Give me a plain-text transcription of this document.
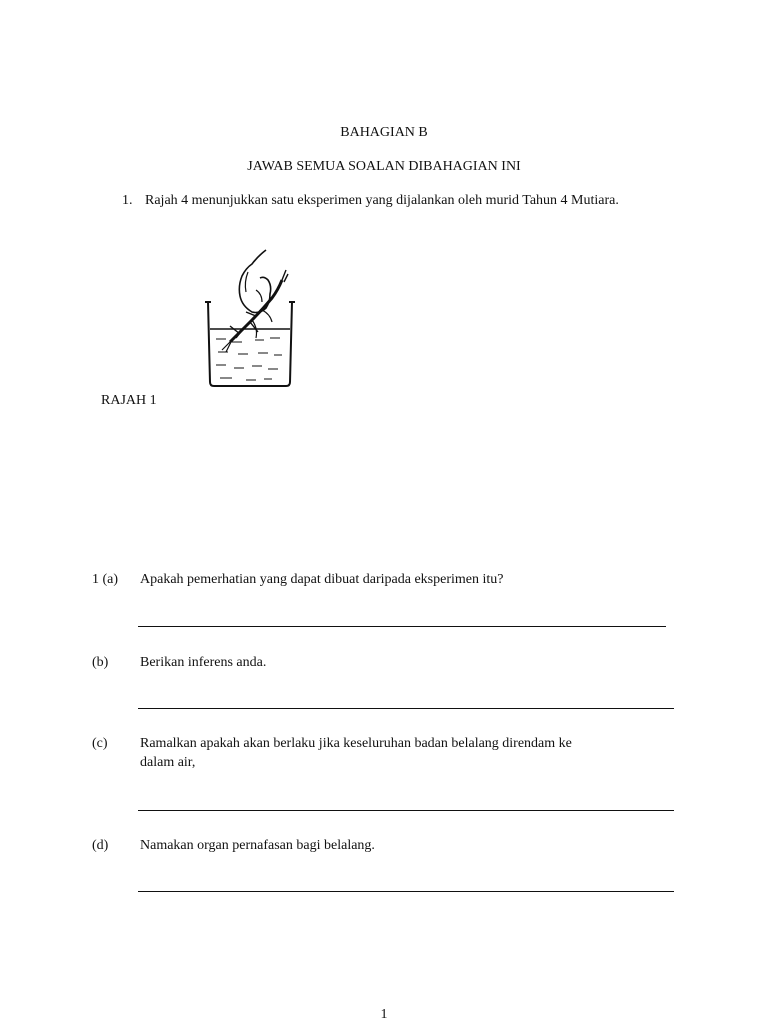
BAHAGIAN B
JAWAB SEMUA SOALAN DIBAHAGIAN INI
1. Rajah 4 menunjukkan satu eksperimen yang dijalankan oleh murid Tahun 4 Mutiara.
RAJAH 1
1 (a) Apakah pemerhatian yang dapat dibuat daripada eksperimen itu?
(b) Berikan inferens anda.
(c) Ramalkan apakah akan berlaku jika keseluruhan badan belalang direndam ke
dalam air,
(d) Namakan organ pernafasan bagi belalang.
1
